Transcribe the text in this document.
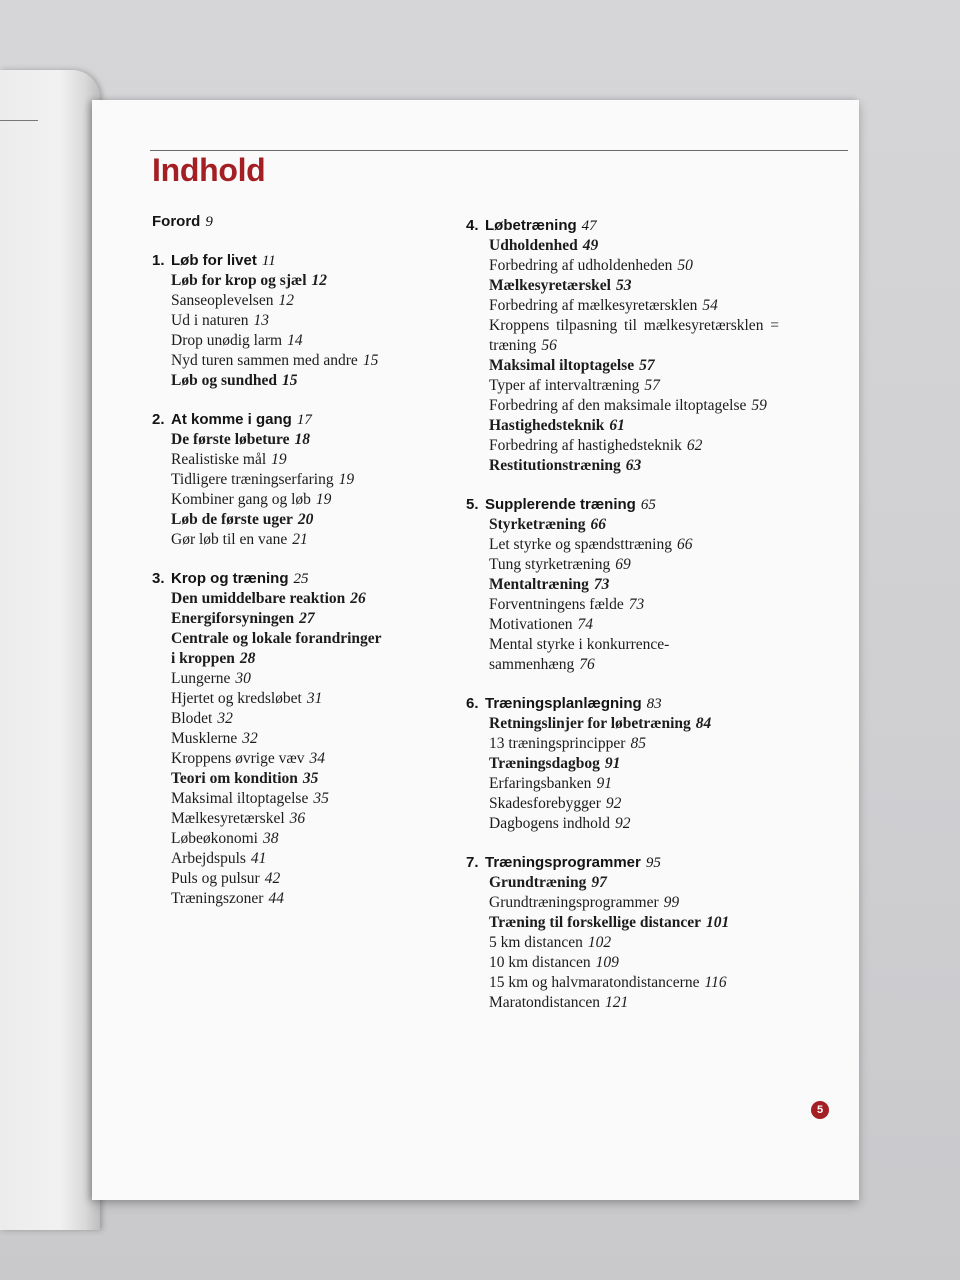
Indhold
Forord 9
1. Løb for livet 11
Løb for krop og sjæl 12
Sanseoplevelsen 12
Ud i naturen 13
Drop unødig larm 14
Nyd turen sammen med andre 15
Løb og sundhed 15
2. At komme i gang 17
De første løbeture 18
Realistiske mål 19
Tidligere træningserfaring 19
Kombiner gang og løb 19
Løb de første uger 20
Gør løb til en vane 21
3. Krop og træning 25
Den umiddelbare reaktion 26
Energiforsyningen 27
Centrale og lokale forandringer
i kroppen 28
Lungerne 30
Hjertet og kredsløbet 31
Blodet 32
Musklerne 32
Kroppens øvrige væv 34
Teori om kondition 35
Maksimal iltoptagelse 35
Mælkesyretærskel 36
Løbeøkonomi 38
Arbejdspuls 41
Puls og pulsur 42
Træningszoner 44
4. Løbetræning 47
Udholdenhed 49
Forbedring af udholdenheden 50
Mælkesyretærskel 53
Forbedring af mælkesyretærsklen 54
Kroppens tilpasning til mælkesyretærsklen = træning 56
Maksimal iltoptagelse 57
Typer af intervaltræning 57
Forbedring af den maksimale iltoptagelse 59
Hastighedsteknik 61
Forbedring af hastighedsteknik 62
Restitutionstræning 63
5. Supplerende træning 65
Styrketræning 66
Let styrke og spændsttræning 66
Tung styrketræning 69
Mentaltræning 73
Forventningens fælde 73
Motivationen 74
Mental styrke i konkurrence-
sammenhæng 76
6. Træningsplanlægning 83
Retningslinjer for løbetræning 84
13 træningsprincipper 85
Træningsdagbog 91
Erfaringsbanken 91
Skadesforebygger 92
Dagbogens indhold 92
7. Træningsprogrammer 95
Grundtræning 97
Grundtræningsprogrammer 99
Træning til forskellige distancer 101
5 km distancen 102
10 km distancen 109
15 km og halvmaratondistancerne 116
Maratondistancen 121
5
